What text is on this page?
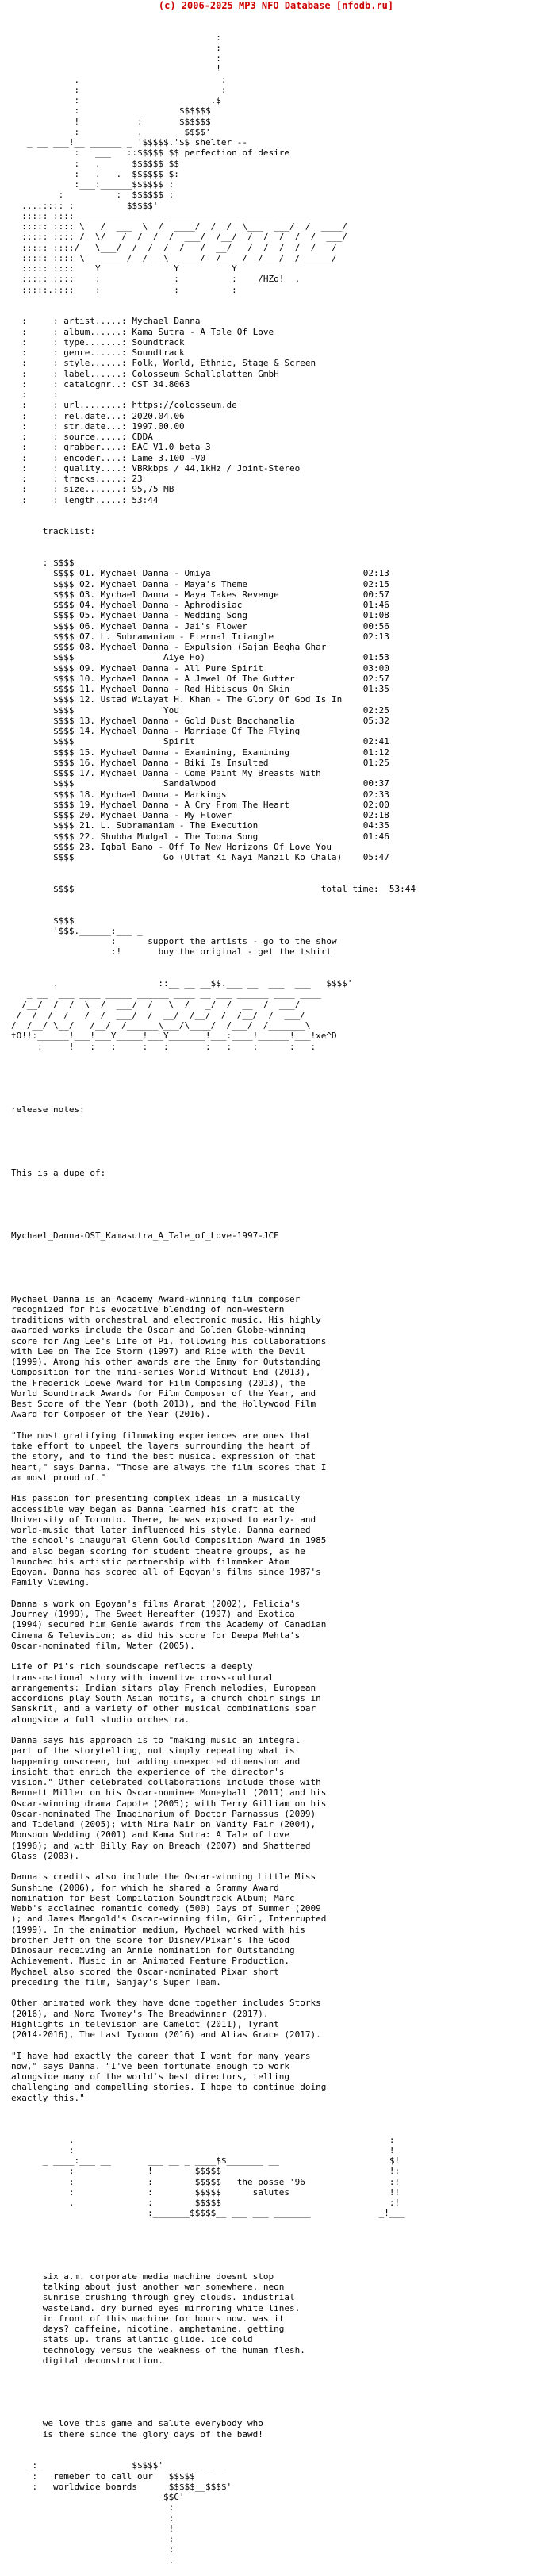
(c) 2006-2025 MP3 NFO Database [nfodb.ru]

:
:
:
!
.                           :
:                           :
:                         .$
:                   $$$$$$
!           :       $$$$$$
:           .        $$$$'
_ __ ___!__ ______ _ '$$$$$.'$$ shelter --
:   ___   ::$$$$$ $$ perfection of desire
:   .      $$$$$$ $$
:   .   .  $$$$$$ $:
:___:______$$$$$$ :
:          :  $$$$$$ :
....:::: :          $$$$$'
::::: :::: ________________ _____________ _____________
::::: :::: \   /  ___  \  /  ____/  /  /  \___  ___/  /  ____/
::::: :::: /  \/   /  /  /  /  ___/  /__/  /  /  /  /  /  ___/
::::: ::::/   \___/  /  /  /  /   /  __/   /  /  /  /  /   /
::::: :::: \________/  /___\______/  /____/  /___/  /______/
::::: ::::    Y              Y          Y
::::: ::::    :              :          :    /HZo!  .
:::::.::::    :              :          :

:     : artist.....: Mychael Danna
:     : album......: Kama Sutra - A Tale Of Love
:     : type.......: Soundtrack
:     : genre......: Soundtrack
:     : style......: Folk, World, Ethnic, Stage & Screen
:     : label......: Colosseum Schallplatten GmbH
:     : catalognr..: CST 34.8063
:     :
:     : url........: https://colosseum.de
:     : rel.date...: 2020.04.06
:     : str.date...: 1997.00.00
:     : source.....: CDDA
:     : grabber....: EAC V1.0 beta 3
:     : encoder....: Lame 3.100 -V0
:     : quality....: VBRkbps / 44,1kHz / Joint-Stereo
:     : tracks.....: 23
:     : size.......: 95,75 MB
:     : length.....: 53:44

tracklist:

: $$$$
$$$$ 01. Mychael Danna - Omiya                             02:13
$$$$ 02. Mychael Danna - Maya's Theme                      02:15
$$$$ 03. Mychael Danna - Maya Takes Revenge                00:57
$$$$ 04. Mychael Danna - Aphrodisiac                       01:46
$$$$ 05. Mychael Danna - Wedding Song                      01:08
$$$$ 06. Mychael Danna - Jai's Flower                      00:56
$$$$ 07. L. Subramaniam - Eternal Triangle                 02:13
$$$$ 08. Mychael Danna - Expulsion (Sajan Begha Ghar
$$$$                 Aiye Ho)                              01:53
$$$$ 09. Mychael Danna - All Pure Spirit                   03:00
$$$$ 10. Mychael Danna - A Jewel Of The Gutter             02:57
$$$$ 11. Mychael Danna - Red Hibiscus On Skin              01:35
$$$$ 12. Ustad Wilayat H. Khan - The Glory Of God Is In
$$$$                 You                                   02:25
$$$$ 13. Mychael Danna - Gold Dust Bacchanalia             05:32
$$$$ 14. Mychael Danna - Marriage Of The Flying
$$$$                 Spirit                                02:41
$$$$ 15. Mychael Danna - Examining, Examining              01:12
$$$$ 16. Mychael Danna - Biki Is Insulted                  01:25
$$$$ 17. Mychael Danna - Come Paint My Breasts With
$$$$                 Sandalwood                            00:37
$$$$ 18. Mychael Danna - Markings                          02:33
$$$$ 19. Mychael Danna - A Cry From The Heart              02:00
$$$$ 20. Mychael Danna - My Flower                         02:18
$$$$ 21. L. Subramaniam - The Execution                    04:35
$$$$ 22. Shubha Mudgal - The Toona Song                    01:46
$$$$ 23. Iqbal Bano - Off To New Horizons Of Love You
$$$$                 Go (Ulfat Ki Nayi Manzil Ko Chala)    05:47

$$$$                                               total time: 53:44

$$$$
'$$$.______:___ _
:      support the artists - go to the show
:!       buy the original - get the tshirt

.                   ::__ __ __$$.___ __  ___  ___   $$$$'
_ __  ___ ____ _____ ______ ____ __ ___ ______ ____ ____
/__/  /  /  \  /  ___/  /   \  /   _/  /  __  /  ___/
/  /  /  /   /  /  ___/  /  __/  /__/  /  /__/  /  ___/
/  /__/ \__/   /__/  /______\___/\____/  /___/  /_______\
tO!!:______!___!___Y_____!___Y_______!___:____!______!___!xe^D
:     !   :   :     :   :       :   :    :      :   :

release notes:

This is a dupe of:

Mychael_Danna-OST_Kamasutra_A_Tale_of_Love-1997-JCE

Mychael Danna is an Academy Award-winning film composer
recognized for his evocative blending of non-western
traditions with orchestral and electronic music. His highly
awarded works include the Oscar and Golden Globe-winning
score for Ang Lee's Life of Pi, following his collaborations
with Lee on The Ice Storm (1997) and Ride with the Devil
(1999). Among his other awards are the Emmy for Outstanding
Composition for the mini-series World Without End (2013),
the Frederick Loewe Award for Film Composing (2013), the
World Soundtrack Awards for Film Composer of the Year, and
Best Score of the Year (both 2013), and the Hollywood Film
Award for Composer of the Year (2016).

"The most gratifying filmmaking experiences are ones that
take effort to unpeel the layers surrounding the heart of
the story, and to find the best musical expression of that
heart," says Danna. "Those are always the film scores that I
am most proud of."

His passion for presenting complex ideas in a musically
accessible way began as Danna learned his craft at the
University of Toronto. There, he was exposed to early- and
world-music that later influenced his style. Danna earned
the school's inaugural Glenn Gould Composition Award in 1985
and also began scoring for student theatre groups, as he
launched his artistic partnership with filmmaker Atom
Egoyan. Danna has scored all of Egoyan's films since 1987's
Family Viewing.

Danna's work on Egoyan's films Ararat (2002), Felicia's
Journey (1999), The Sweet Hereafter (1997) and Exotica
(1994) secured him Genie awards from the Academy of Canadian
Cinema & Television; as did his score for Deepa Mehta's
Oscar-nominated film, Water (2005).

Life of Pi's rich soundscape reflects a deeply
trans-national story with inventive cross-cultural
arrangements: Indian sitars play French melodies, European
accordions play South Asian motifs, a church choir sings in
Sanskrit, and a variety of other musical combinations soar
alongside a full studio orchestra.

Danna says his approach is to "making music an integral
part of the storytelling, not simply repeating what is
happening onscreen, but adding unexpected dimension and
insight that enrich the experience of the director's
vision." Other celebrated collaborations include those with
Bennett Miller on his Oscar-nominee Moneyball (2011) and his
Oscar-winning drama Capote (2005); with Terry Gilliam on his
Oscar-nominated The Imaginarium of Doctor Parnassus (2009)
and Tideland (2005); with Mira Nair on Vanity Fair (2004),
Monsoon Wedding (2001) and Kama Sutra: A Tale of Love
(1996); and with Billy Ray on Breach (2007) and Shattered
Glass (2003).

Danna's credits also include the Oscar-winning Little Miss
Sunshine (2006), for which he shared a Grammy Award
nomination for Best Compilation Soundtrack Album; Marc
Webb's acclaimed romantic comedy (500) Days of Summer (2009
); and James Mangold's Oscar-winning film, Girl, Interrupted
(1999). In the animation medium, Mychael worked with his
brother Jeff on the score for Disney/Pixar's The Good
Dinosaur receiving an Annie nomination for Outstanding
Achievement, Music in an Animated Feature Production.
Mychael also scored the Oscar-nominated Pixar short
preceding the film, Sanjay's Super Team.

Other animated work they have done together includes Storks
(2016), and Nora Twomey's The Breadwinner (2017).
Highlights in television are Camelot (2011), Tyrant
(2014-2016), The Last Tycoon (2016) and Alias Grace (2017).

"I have had exactly the career that I want for many years
now," says Danna. "I've been fortunate enough to work
alongside many of the world's best directors, telling
challenging and compelling stories. I hope to continue doing
exactly this."

.                                                            :
:                                                            !
_ ____:___ __       ___ __ _ ____$$_______ __                     $!
:              !        $$$$$                                !:
:              :        $$$$$   the posse '96                :!
:              :        $$$$$      salutes                   !!
.              :        $$$$$                                :!
:_______$$$$$__ ___ ___ _______             _!___

six a.m. corporate media machine doesnt stop
talking about just another war somewhere. neon
sunrise crushing through grey clouds. industrial
wasteland. dry burned eyes mirroring white lines.
in front of this machine for hours now. was it
days? caffeine, nicotine, amphetamine. getting
stats up. trans atlantic glide. ice cold
technology versus the weakness of the human flesh.
digital deconstruction.

we love this game and salute everybody who
is there since the glory days of the bawd!

_:_                 $$$$$' _ ___ _ ___
:   remeber to call our   $$$$$
:   worldwide boards      $$$$$__$$$$'
$$C'
:
:
!
:
:
.
